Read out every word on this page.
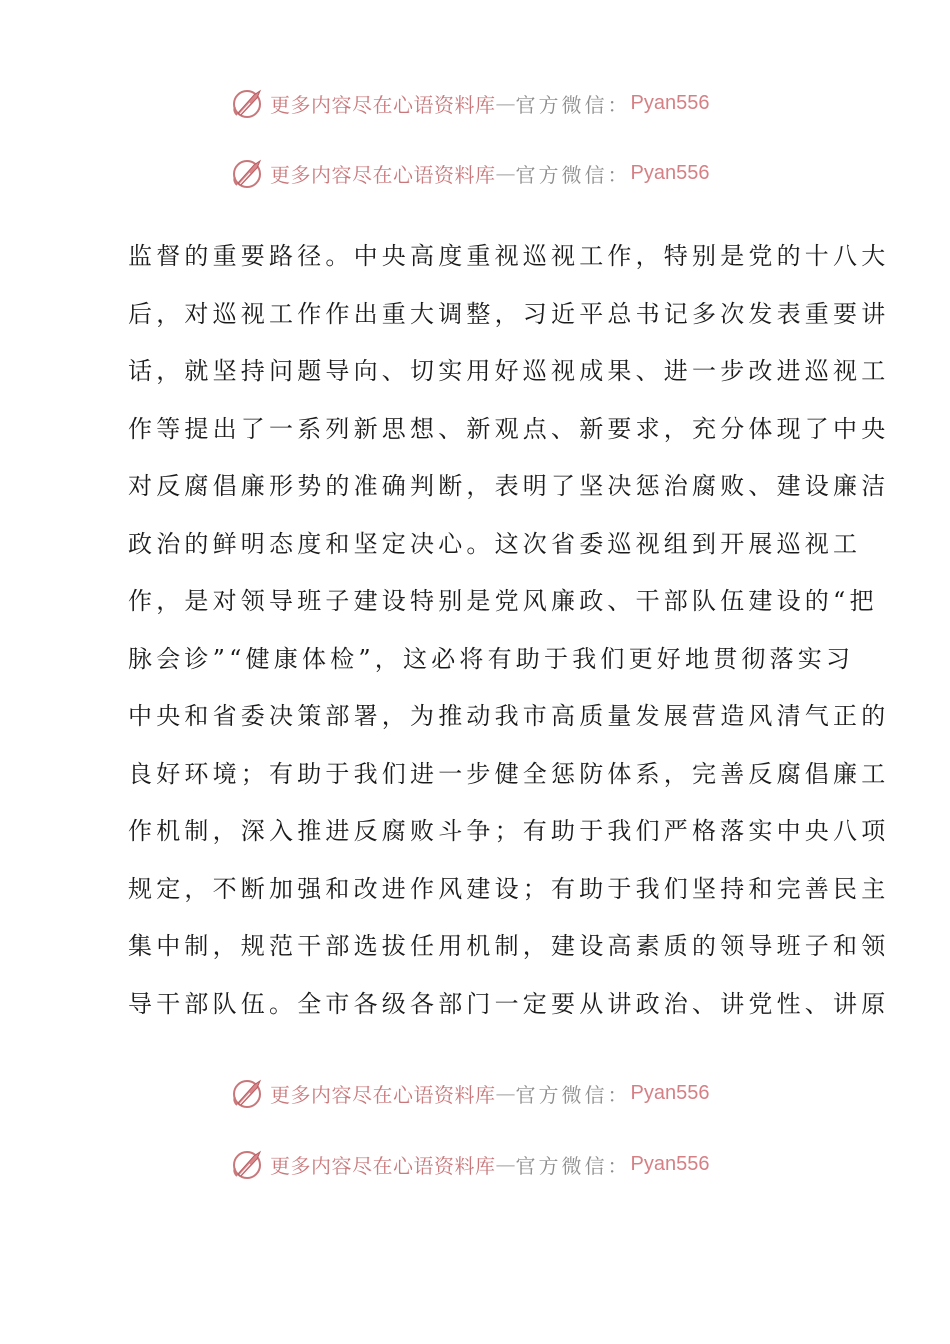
更多内容尽在心语资料库 — 官方微信： Pyan556
更多内容尽在心语资料库 — 官方微信： Pyan556
监督的重要路径。中央高度重视巡视工作，特别是党的十八大
后，对巡视工作作出重大调整，习近平总书记多次发表重要讲
话，就坚持问题导向、切实用好巡视成果、进一步改进巡视工
作等提出了一系列新思想、新观点、新要求，充分体现了中央
对反腐倡廉形势的准确判断，表明了坚决惩治腐败、建设廉洁
政治的鲜明态度和坚定决心。这次省委巡视组到开展巡视工
作，是对领导班子建设特别是党风廉政、干部队伍建设的“把
脉会诊”“健康体检”，这必将有助于我们更好地贯彻落实习
中央和省委决策部署，为推动我市高质量发展营造风清气正的
良好环境；有助于我们进一步健全惩防体系，完善反腐倡廉工
作机制，深入推进反腐败斗争；有助于我们严格落实中央八项
规定，不断加强和改进作风建设；有助于我们坚持和完善民主
集中制，规范干部选拔任用机制，建设高素质的领导班子和领
导干部队伍。全市各级各部门一定要从讲政治、讲党性、讲原
更多内容尽在心语资料库 — 官方微信： Pyan556
更多内容尽在心语资料库 — 官方微信： Pyan556
